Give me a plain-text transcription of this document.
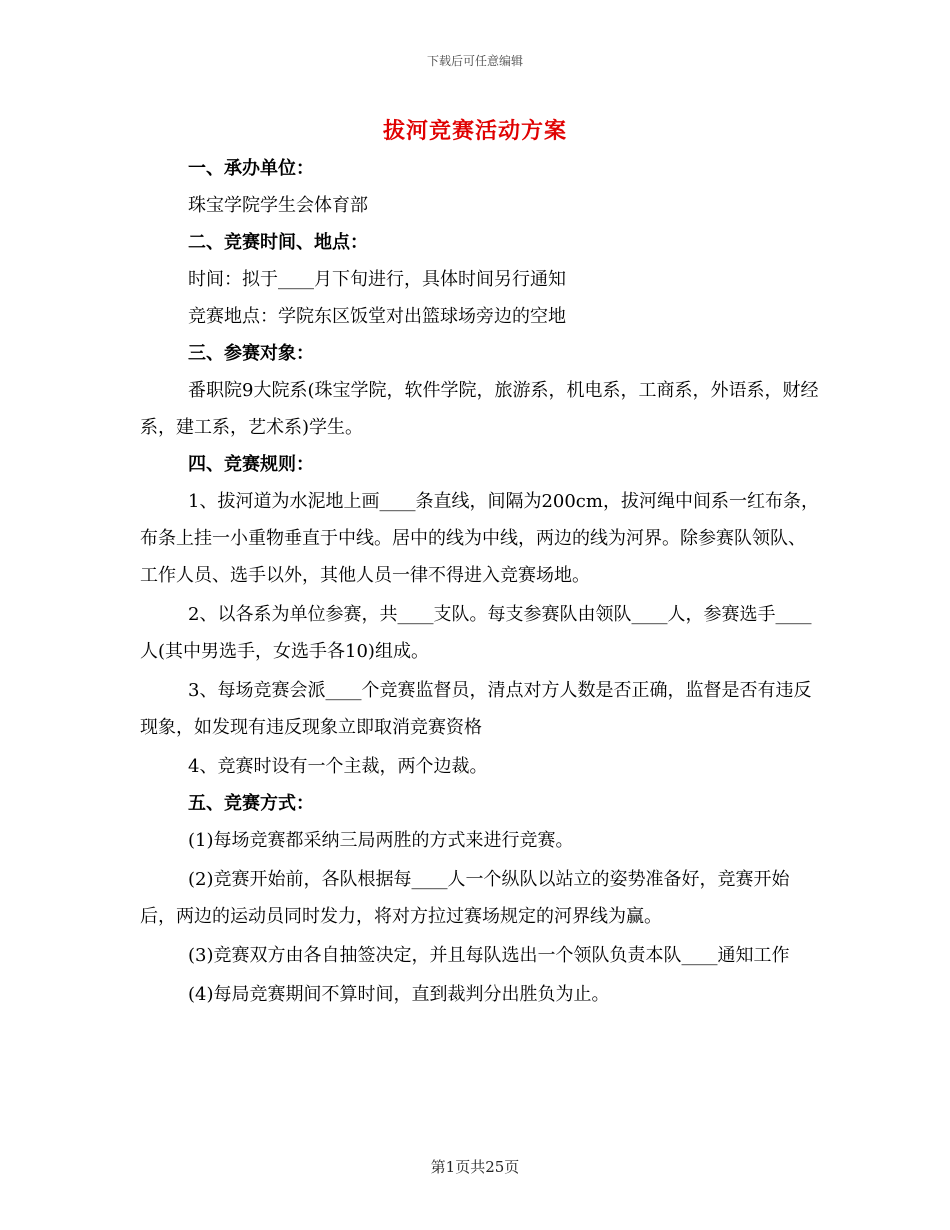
下载后可任意编辑
拔河竞赛活动方案
一、承办单位：

珠宝学院学生会体育部

二、竞赛时间、地点：

时间：拟于____月下旬进行，具体时间另行通知

竞赛地点：学院东区饭堂对出篮球场旁边的空地

三、参赛对象：

番职院9大院系(珠宝学院，软件学院，旅游系，机电系，工商系，外语系，财经系，建工系，艺术系)学生。

四、竞赛规则：

1、拔河道为水泥地上画____条直线，间隔为200cm，拔河绳中间系一红布条，布条上挂一小重物垂直于中线。居中的线为中线，两边的线为河界。除参赛队领队、工作人员、选手以外，其他人员一律不得进入竞赛场地。

2、以各系为单位参赛，共____支队。每支参赛队由领队____人，参赛选手____人(其中男选手，女选手各10)组成。

3、每场竞赛会派____个竞赛监督员，清点对方人数是否正确，监督是否有违反现象，如发现有违反现象立即取消竞赛资格

4、竞赛时设有一个主裁，两个边裁。

五、竞赛方式：

(1)每场竞赛都采纳三局两胜的方式来进行竞赛。

(2)竞赛开始前，各队根据每____人一个纵队以站立的姿势准备好，竞赛开始后，两边的运动员同时发力，将对方拉过赛场规定的河界线为赢。

(3)竞赛双方由各自抽签决定，并且每队选出一个领队负责本队____通知工作

(4)每局竞赛期间不算时间，直到裁判分出胜负为止。

第1页共25页
